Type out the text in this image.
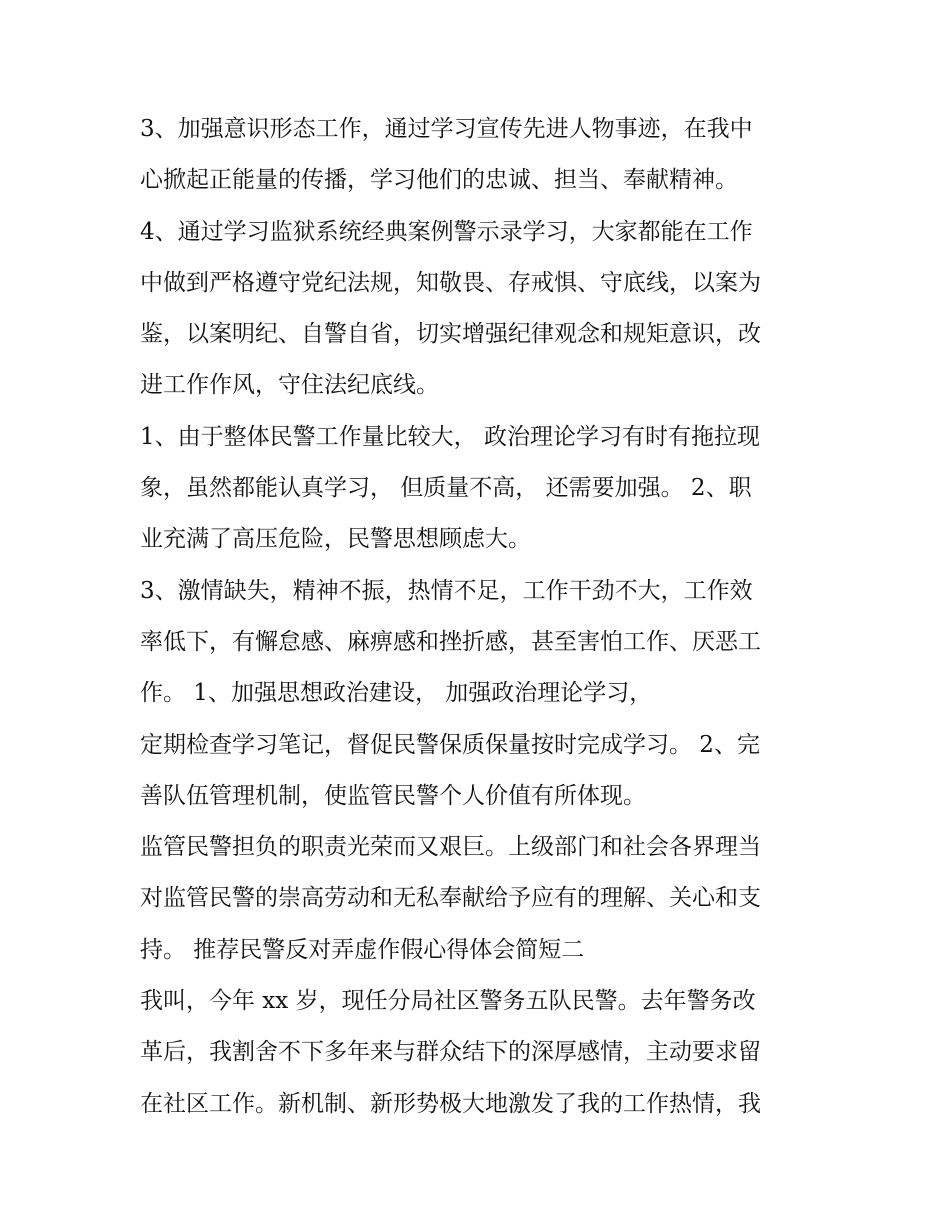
3、加强意识形态工作，通过学习宣传先进人物事迹，在我中
心掀起正能量的传播，学习他们的忠诚、担当、奉献精神。
4、通过学习监狱系统经典案例警示录学习，大家都能在工作
中做到严格遵守党纪法规，知敬畏、存戒惧、守底线，以案为
鉴，以案明纪、自警自省，切实增强纪律观念和规矩意识，改
进工作作风，守住法纪底线。
1、由于整体民警工作量比较大， 政治理论学习有时有拖拉现
象，虽然都能认真学习， 但质量不高， 还需要加强。 2、职
业充满了高压危险，民警思想顾虑大。
3、激情缺失，精神不振，热情不足，工作干劲不大，工作效
率低下，有懈怠感、麻痹感和挫折感，甚至害怕工作、厌恶工
作。 1、加强思想政治建设， 加强政治理论学习，
定期检查学习笔记，督促民警保质保量按时完成学习。 2、完
善队伍管理机制，使监管民警个人价值有所体现。
监管民警担负的职责光荣而又艰巨。上级部门和社会各界理当
对监管民警的崇高劳动和无私奉献给予应有的理解、关心和支
持。 推荐民警反对弄虚作假心得体会简短二
我叫，今年 xx 岁，现任分局社区警务五队民警。去年警务改
革后，我割舍不下多年来与群众结下的深厚感情，主动要求留
在社区工作。新机制、新形势极大地激发了我的工作热情，我
